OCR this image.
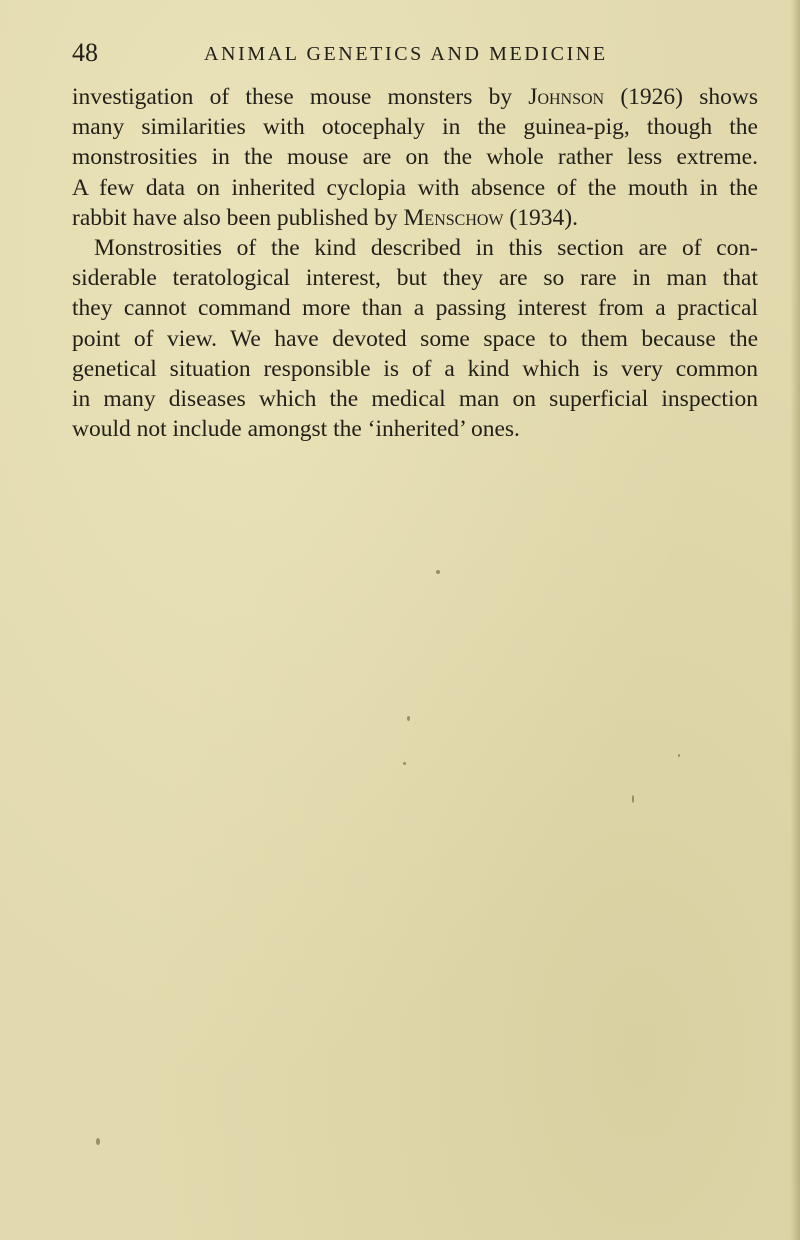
48	ANIMAL GENETICS AND MEDICINE
investigation of these mouse monsters by Johnson (1926) shows
many similarities with otocephaly in the guinea-pig, though the
monstrosities in the mouse are on the whole rather less extreme.
A few data on inherited cyclopia with absence of the mouth in the
rabbit have also been published by Menschow (1934).
Monstrosities of the kind described in this section are of con-
siderable teratological interest, but they are so rare in man that
they cannot command more than a passing interest from a practical
point of view. We have devoted some space to them because the
genetical situation responsible is of a kind which is very common
in many diseases which the medical man on superficial inspection
would not include amongst the ‘inherited’ ones.
